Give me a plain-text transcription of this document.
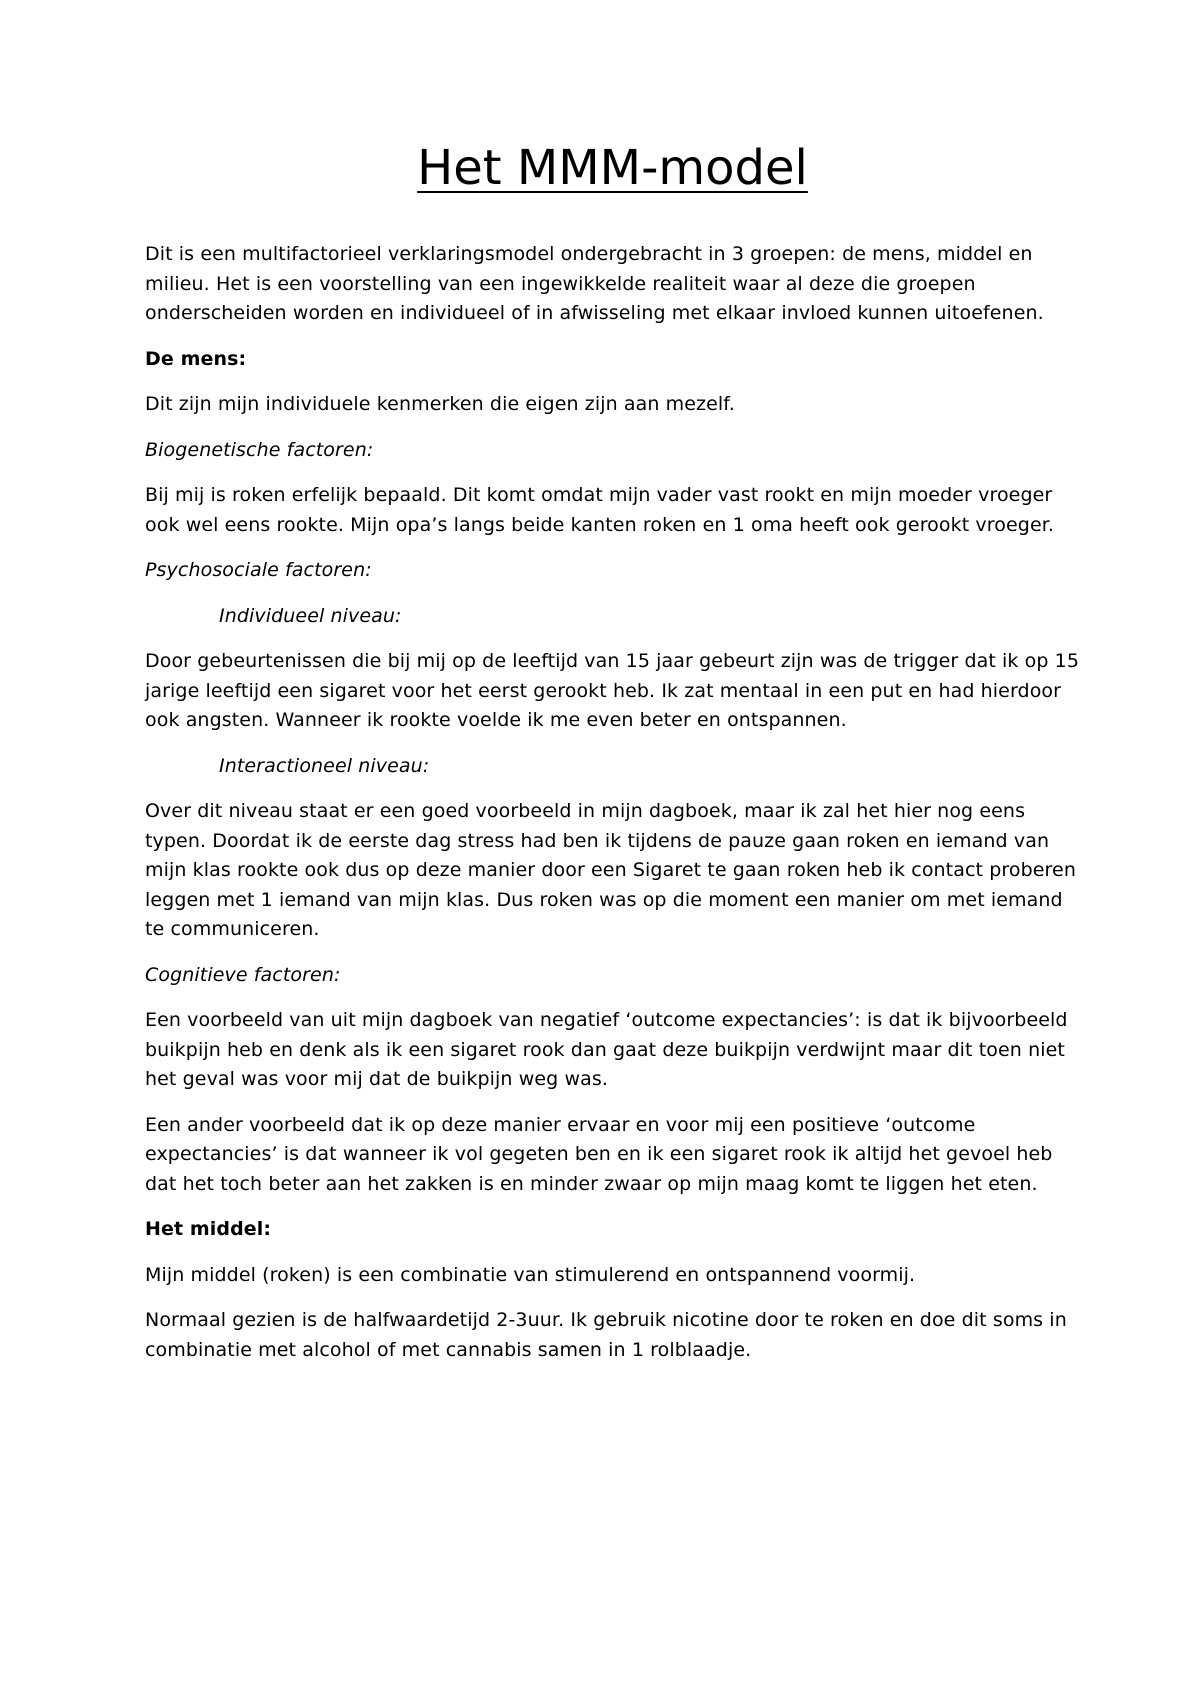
Het MMM-model

Dit is een multifactorieel verklaringsmodel ondergebracht in 3 groepen: de mens, middel en milieu. Het is een voorstelling van een ingewikkelde realiteit waar al deze die groepen onderscheiden worden en individueel of in afwisseling met elkaar invloed kunnen uitoefenen.

De mens:

Dit zijn mijn individuele kenmerken die eigen zijn aan mezelf.

Biogenetische factoren:

Bij mij is roken erfelijk bepaald. Dit komt omdat mijn vader vast rookt en mijn moeder vroeger ook wel eens rookte. Mijn opa’s langs beide kanten roken en 1 oma heeft ook gerookt vroeger.

Psychosociale factoren:

Individueel niveau:

Door gebeurtenissen die bij mij op de leeftijd van 15 jaar gebeurt zijn was de trigger dat ik op 15 jarige leeftijd een sigaret voor het eerst gerookt heb. Ik zat mentaal in een put en had hierdoor ook angsten. Wanneer ik rookte voelde ik me even beter en ontspannen.

Interactioneel niveau:

Over dit niveau staat er een goed voorbeeld in mijn dagboek, maar ik zal het hier nog eens typen. Doordat ik de eerste dag stress had ben ik tijdens de pauze gaan roken en iemand van mijn klas rookte ook dus op deze manier door een Sigaret te gaan roken heb ik contact proberen leggen met 1 iemand van mijn klas. Dus roken was op die moment een manier om met iemand te communiceren.

Cognitieve factoren:

Een voorbeeld van uit mijn dagboek van negatief ‘outcome expectancies’: is dat ik bijvoorbeeld buikpijn heb en denk als ik een sigaret rook dan gaat deze buikpijn verdwijnt maar dit toen niet het geval was voor mij dat de buikpijn weg was.

Een ander voorbeeld dat ik op deze manier ervaar en voor mij een positieve ‘outcome expectancies’ is dat wanneer ik vol gegeten ben en ik een sigaret rook ik altijd het gevoel heb dat het toch beter aan het zakken is en minder zwaar op mijn maag komt te liggen het eten.

Het middel:

Mijn middel (roken) is een combinatie van stimulerend en ontspannend voormij.

Normaal gezien is de halfwaardetijd 2-3uur. Ik gebruik nicotine door te roken en doe dit soms in combinatie met alcohol of met cannabis samen in 1 rolblaadje.
